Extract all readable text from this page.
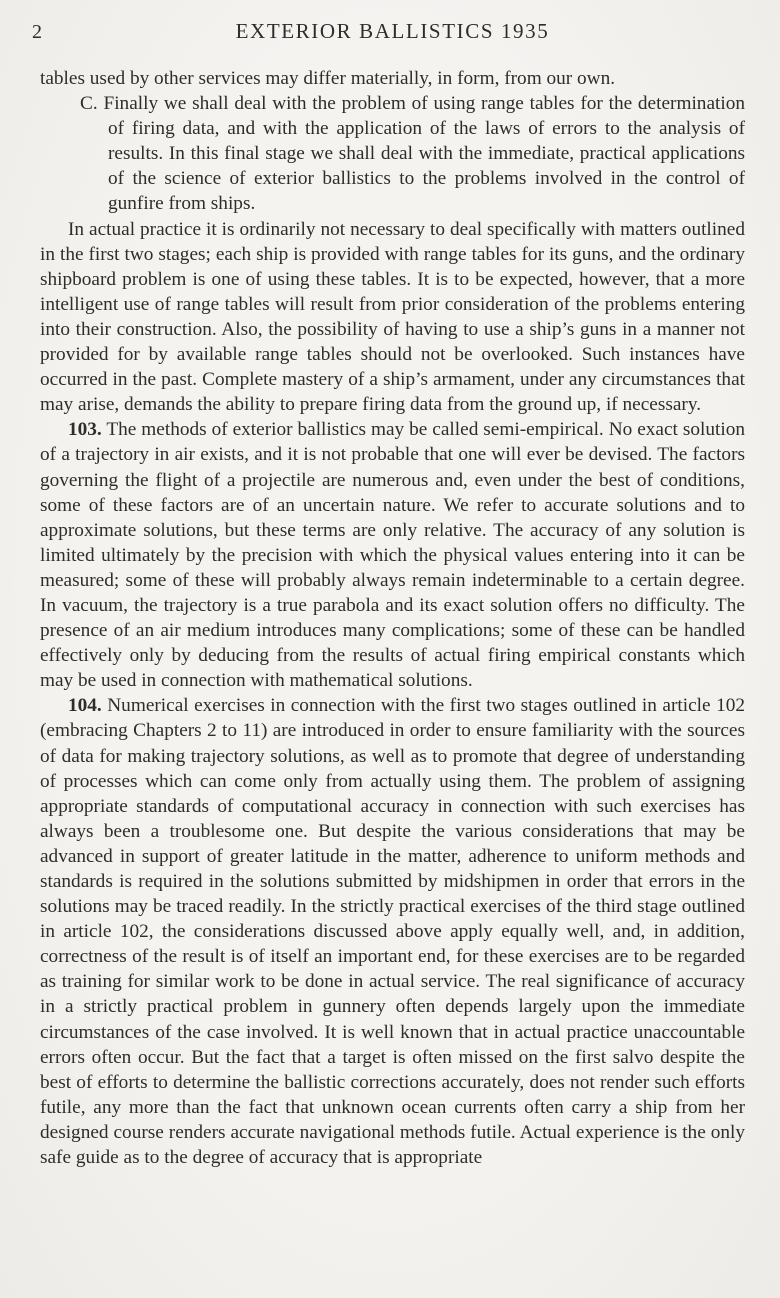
2	EXTERIOR BALLISTICS 1935

tables used by other services may differ materially, in form, from our own.

C. Finally we shall deal with the problem of using range tables for the determination of firing data, and with the application of the laws of errors to the analysis of results. In this final stage we shall deal with the immediate, practical applications of the science of exterior ballistics to the problems involved in the control of gunfire from ships.

In actual practice it is ordinarily not necessary to deal specifically with matters outlined in the first two stages; each ship is provided with range tables for its guns, and the ordinary shipboard problem is one of using these tables. It is to be expected, however, that a more intelligent use of range tables will result from prior consideration of the problems entering into their construction. Also, the possibility of having to use a ship’s guns in a manner not provided for by available range tables should not be overlooked. Such instances have occurred in the past. Complete mastery of a ship’s armament, under any circumstances that may arise, demands the ability to prepare firing data from the ground up, if necessary.

103. The methods of exterior ballistics may be called semi-empirical. No exact solution of a trajectory in air exists, and it is not probable that one will ever be devised. The factors governing the flight of a projectile are numerous and, even under the best of conditions, some of these factors are of an uncertain nature. We refer to accurate solutions and to approximate solutions, but these terms are only relative. The accuracy of any solution is limited ultimately by the precision with which the physical values entering into it can be measured; some of these will probably always remain indeterminable to a certain degree. In vacuum, the trajectory is a true parabola and its exact solution offers no difficulty. The presence of an air medium introduces many complications; some of these can be handled effectively only by deducing from the results of actual firing empirical constants which may be used in connection with mathematical solutions.

104. Numerical exercises in connection with the first two stages outlined in article 102 (embracing Chapters 2 to 11) are introduced in order to ensure familiarity with the sources of data for making trajectory solutions, as well as to promote that degree of understanding of processes which can come only from actually using them. The problem of assigning appropriate standards of computational accuracy in connection with such exercises has always been a troublesome one. But despite the various considerations that may be advanced in support of greater latitude in the matter, adherence to uniform methods and standards is required in the solutions submitted by midshipmen in order that errors in the solutions may be traced readily. In the strictly practical exercises of the third stage outlined in article 102, the considerations discussed above apply equally well, and, in addition, correctness of the result is of itself an important end, for these exercises are to be regarded as training for similar work to be done in actual service. The real significance of accuracy in a strictly practical problem in gunnery often depends largely upon the immediate circumstances of the case involved. It is well known that in actual practice unaccountable errors often occur. But the fact that a target is often missed on the first salvo despite the best of efforts to determine the ballistic corrections accurately, does not render such efforts futile, any more than the fact that unknown ocean currents often carry a ship from her designed course renders accurate navigational methods futile. Actual experience is the only safe guide as to the degree of accuracy that is appropriate
